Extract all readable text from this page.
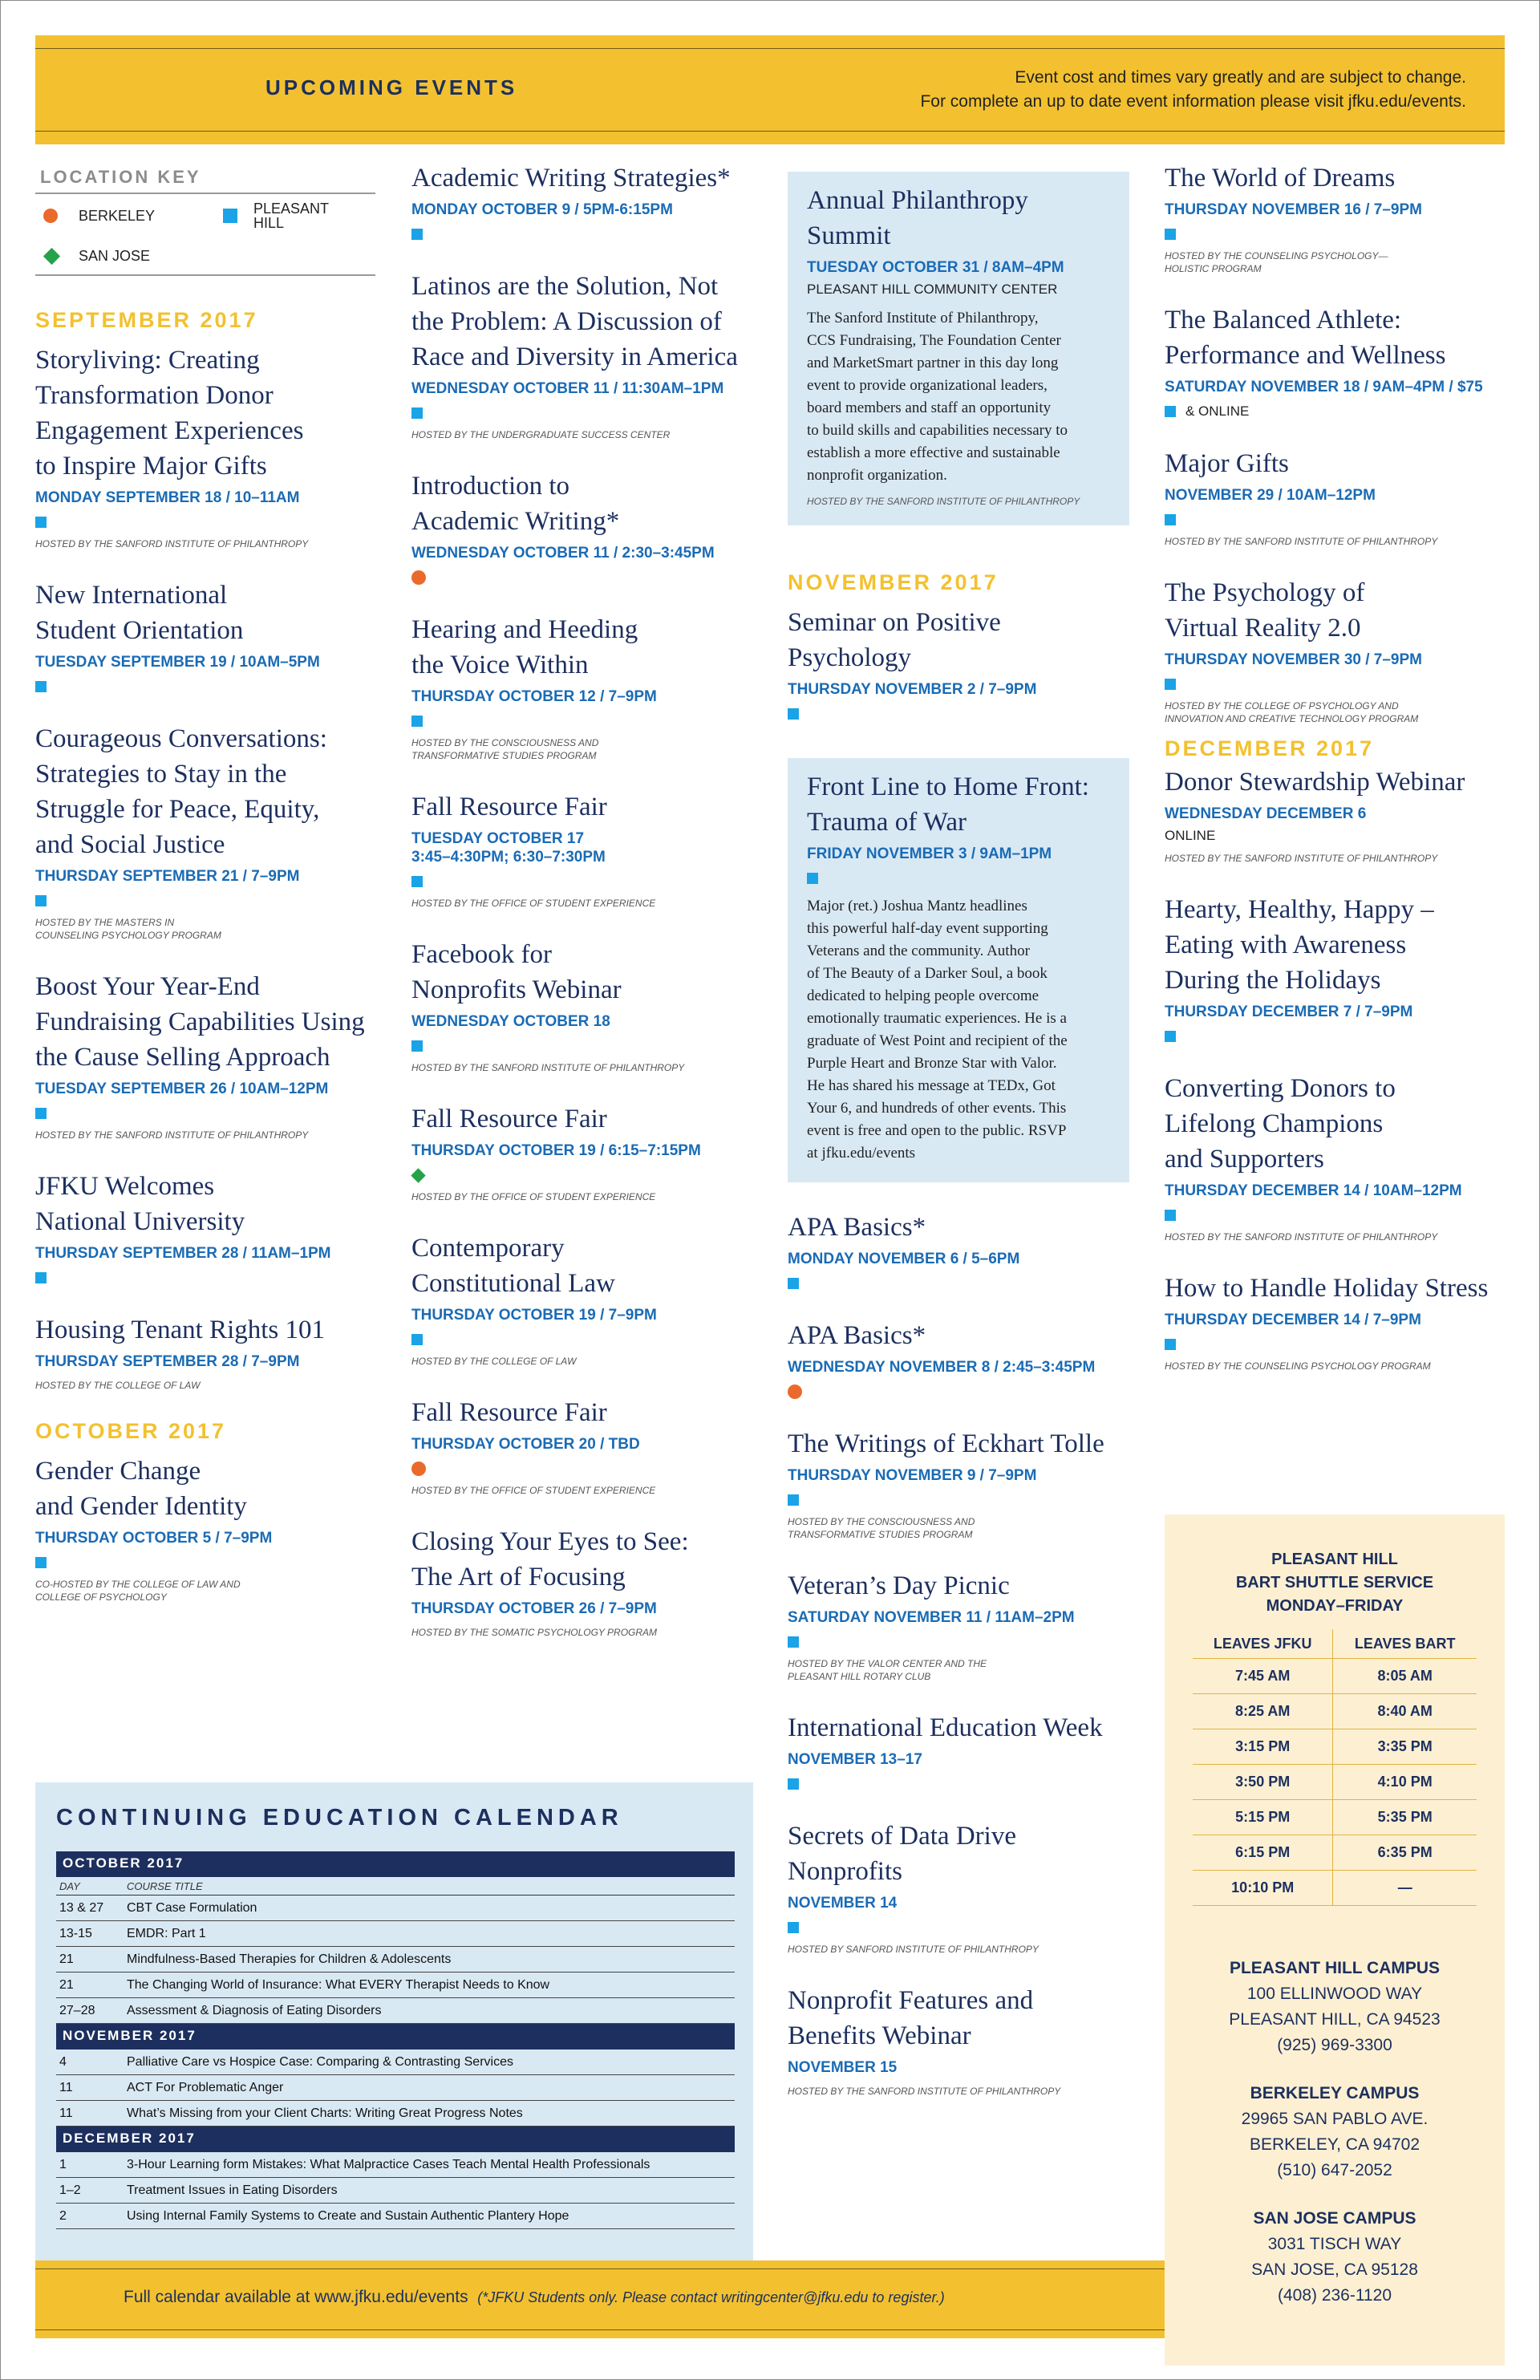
UPCOMING EVENTS	Event cost and times vary greatly and are subject to change.
For complete an up to date event information please visit jfku.edu/events.
LOCATION KEY
BERKELEY	PLEASANT
HILL
SAN JOSE
SEPTEMBER 2017
Storyliving: Creating
Transformation Donor
Engagement Experiences
to Inspire Major Gifts
MONDAY SEPTEMBER 18 / 10–11AM
HOSTED BY THE SANFORD INSTITUTE OF PHILANTHROPY
New International
Student Orientation
TUESDAY SEPTEMBER 19 / 10AM–5PM
Courageous Conversations:
Strategies to Stay in the
Struggle for Peace, Equity,
and Social Justice
THURSDAY SEPTEMBER 21 / 7–9PM
HOSTED BY THE MASTERS IN
COUNSELING PSYCHOLOGY PROGRAM
Boost Your Year-End
Fundraising Capabilities Using
the Cause Selling Approach
TUESDAY SEPTEMBER 26 / 10AM–12PM
HOSTED BY THE SANFORD INSTITUTE OF PHILANTHROPY
JFKU Welcomes
National University
THURSDAY SEPTEMBER 28 / 11AM–1PM
Housing Tenant Rights 101
THURSDAY SEPTEMBER 28 / 7–9PM
HOSTED BY THE COLLEGE OF LAW
OCTOBER 2017
Gender Change
and Gender Identity
THURSDAY OCTOBER 5 / 7–9PM
CO-HOSTED BY THE COLLEGE OF LAW AND
COLLEGE OF PSYCHOLOGY
Academic Writing Strategies*
MONDAY OCTOBER 9 / 5PM-6:15PM
Latinos are the Solution, Not
the Problem: A Discussion of
Race and Diversity in America
WEDNESDAY OCTOBER 11 / 11:30AM–1PM
HOSTED BY THE UNDERGRADUATE SUCCESS CENTER
Introduction to
Academic Writing*
WEDNESDAY OCTOBER 11 / 2:30–3:45PM
Hearing and Heeding
the Voice Within
THURSDAY OCTOBER 12 / 7–9PM
HOSTED BY THE CONSCIOUSNESS AND
TRANSFORMATIVE STUDIES PROGRAM
Fall Resource Fair
TUESDAY OCTOBER 17
3:45–4:30PM; 6:30–7:30PM
HOSTED BY THE OFFICE OF STUDENT EXPERIENCE
Facebook for
Nonprofits Webinar
WEDNESDAY OCTOBER 18
HOSTED BY THE SANFORD INSTITUTE OF PHILANTHROPY
Fall Resource Fair
THURSDAY OCTOBER 19 / 6:15–7:15PM
HOSTED BY THE OFFICE OF STUDENT EXPERIENCE
Contemporary
Constitutional Law
THURSDAY OCTOBER 19 / 7–9PM
HOSTED BY THE COLLEGE OF LAW
Fall Resource Fair
THURSDAY OCTOBER 20 / TBD
HOSTED BY THE OFFICE OF STUDENT EXPERIENCE
Closing Your Eyes to See:
The Art of Focusing
THURSDAY OCTOBER 26 / 7–9PM
HOSTED BY THE SOMATIC PSYCHOLOGY PROGRAM
Annual Philanthropy
Summit
TUESDAY OCTOBER 31 / 8AM–4PM
PLEASANT HILL COMMUNITY CENTER
The Sanford Institute of Philanthropy,
CCS Fundraising, The Foundation Center
and MarketSmart partner in this day long
event to provide organizational leaders,
board members and staff an opportunity
to build skills and capabilities necessary to
establish a more effective and sustainable
nonprofit organization.
HOSTED BY THE SANFORD INSTITUTE OF PHILANTHROPY
NOVEMBER 2017
Seminar on Positive
Psychology
THURSDAY NOVEMBER 2 / 7–9PM
Front Line to Home Front:
Trauma of War
FRIDAY NOVEMBER 3 / 9AM–1PM
Major (ret.) Joshua Mantz headlines
this powerful half-day event supporting
Veterans and the community. Author
of The Beauty of a Darker Soul, a book
dedicated to helping people overcome
emotionally traumatic experiences. He is a
graduate of West Point and recipient of the
Purple Heart and Bronze Star with Valor.
He has shared his message at TEDx, Got
Your 6, and hundreds of other events. This
event is free and open to the public. RSVP
at jfku.edu/events
APA Basics*
MONDAY NOVEMBER 6 / 5–6PM
APA Basics*
WEDNESDAY NOVEMBER 8 / 2:45–3:45PM
The Writings of Eckhart Tolle
THURSDAY NOVEMBER 9 / 7–9PM
HOSTED BY THE CONSCIOUSNESS AND
TRANSFORMATIVE STUDIES PROGRAM
Veteran’s Day Picnic
SATURDAY NOVEMBER 11 / 11AM–2PM
HOSTED BY THE VALOR CENTER AND THE
PLEASANT HILL ROTARY CLUB
International Education Week
NOVEMBER 13–17
Secrets of Data Drive
Nonprofits
NOVEMBER 14
HOSTED BY SANFORD INSTITUTE OF PHILANTHROPY
Nonprofit Features and
Benefits Webinar
NOVEMBER 15
HOSTED BY THE SANFORD INSTITUTE OF PHILANTHROPY
The World of Dreams
THURSDAY NOVEMBER 16 / 7–9PM
HOSTED BY THE COUNSELING PSYCHOLOGY—
HOLISTIC PROGRAM
The Balanced Athlete:
Performance and Wellness
SATURDAY NOVEMBER 18 / 9AM–4PM / $75
& ONLINE
Major Gifts
NOVEMBER 29 / 10AM–12PM
HOSTED BY THE SANFORD INSTITUTE OF PHILANTHROPY
The Psychology of
Virtual Reality 2.0
THURSDAY NOVEMBER 30 / 7–9PM
HOSTED BY THE COLLEGE OF PSYCHOLOGY AND
INNOVATION AND CREATIVE TECHNOLOGY PROGRAM
DECEMBER 2017
Donor Stewardship Webinar
WEDNESDAY DECEMBER 6
ONLINE
HOSTED BY THE SANFORD INSTITUTE OF PHILANTHROPY
Hearty, Healthy, Happy –
Eating with Awareness
During the Holidays
THURSDAY DECEMBER 7 / 7–9PM
Converting Donors to
Lifelong Champions
and Supporters
THURSDAY DECEMBER 14 / 10AM–12PM
HOSTED BY THE SANFORD INSTITUTE OF PHILANTHROPY
How to Handle Holiday Stress
THURSDAY DECEMBER 14 / 7–9PM
HOSTED BY THE COUNSELING PSYCHOLOGY PROGRAM
CONTINUING EDUCATION CALENDAR
OCTOBER 2017
DAY	COURSE TITLE
13 & 27	CBT Case Formulation
13-15	EMDR: Part 1
21	Mindfulness-Based Therapies for Children & Adolescents
21	The Changing World of Insurance: What EVERY Therapist Needs to Know
27–28	Assessment & Diagnosis of Eating Disorders
NOVEMBER 2017
4	Palliative Care vs Hospice Case: Comparing & Contrasting Services
11	ACT For Problematic Anger
11	What’s Missing from your Client Charts: Writing Great Progress Notes
DECEMBER 2017
1	3-Hour Learning form Mistakes: What Malpractice Cases Teach Mental Health Professionals
1–2	Treatment Issues in Eating Disorders
2	Using Internal Family Systems to Create and Sustain Authentic Plantery Hope
PLEASANT HILL
BART SHUTTLE SERVICE
MONDAY–FRIDAY
LEAVES JFKU	LEAVES BART
7:45 AM	8:05 AM
8:25 AM	8:40 AM
3:15 PM	3:35 PM
3:50 PM	4:10 PM
5:15 PM	5:35 PM
6:15 PM	6:35 PM
10:10 PM	—
PLEASANT HILL CAMPUS
100 ELLINWOOD WAY
PLEASANT HILL, CA 94523
(925) 969-3300
BERKELEY CAMPUS
29965 SAN PABLO AVE.
BERKELEY, CA 94702
(510) 647-2052
SAN JOSE CAMPUS
3031 TISCH WAY
SAN JOSE, CA 95128
(408) 236-1120
Full calendar available at www.jfku.edu/events (*JFKU Students only. Please contact writingcenter@jfku.edu to register.)
